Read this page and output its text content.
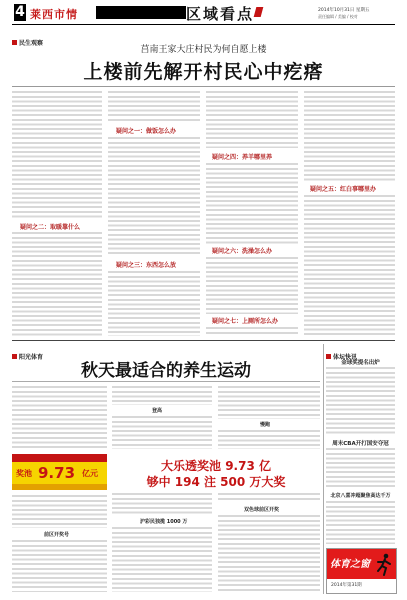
4 莱西市情	区域看点	2014年10月31日 星期五
责任编辑 / 美编 / 校对
民生观察
莒南王家大庄村民为何自愿上楼
上楼前先解开村民心中疙瘩
疑问之二：取暖靠什么
疑问之一：做饭怎么办
疑问之三：东西怎么放
疑问之四：养羊哪里养
疑问之六：洗澡怎么办
疑问之七：上厕所怎么办
疑问之五：红白事哪里办
阳光体育
秋天最适合的养生运动
登高
慢跑
奖池 9.73 亿元
前区开奖号
大乐透奖池 9.73 亿
够中 194 注 500 万大奖
沪彩民独揽 1000 万
双色球前区开奖
体坛快讯
金球奖提名出炉
周末CBA开打国安夺冠
北京八喜冲超聚焦高达千万
体育之窗
2014年第31期
